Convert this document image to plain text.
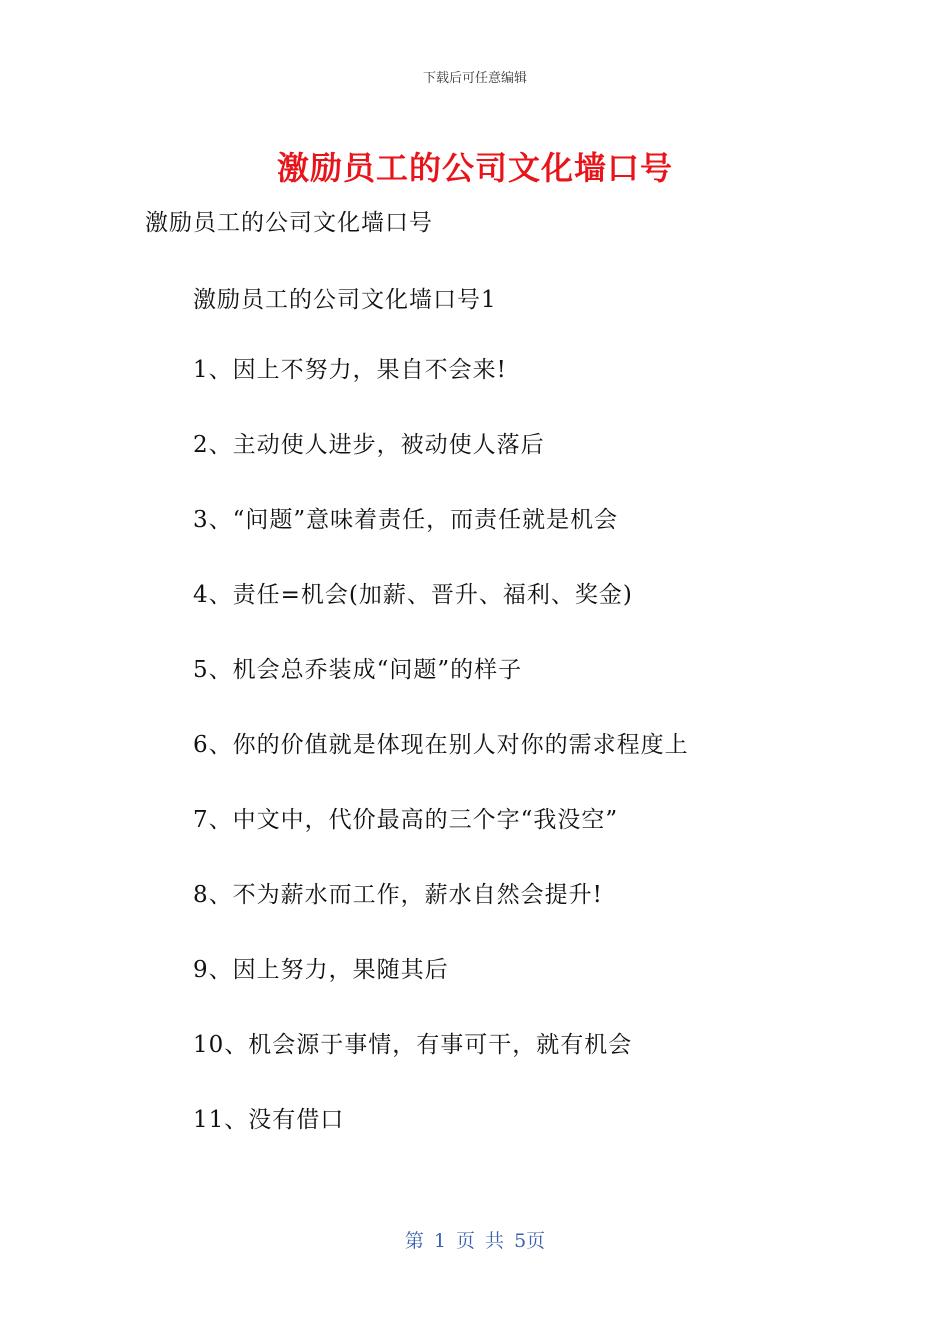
下载后可任意编辑
激励员工的公司文化墙口号
激励员工的公司文化墙口号
激励员工的公司文化墙口号1
1、因上不努力，果自不会来!
2、主动使人进步，被动使人落后
3、“问题”意味着责任，而责任就是机会
4、责任=机会(加薪、晋升、福利、奖金)
5、机会总乔装成“问题”的样子
6、你的价值就是体现在别人对你的需求程度上
7、中文中，代价最高的三个字“我没空”
8、不为薪水而工作，薪水自然会提升!
9、因上努力，果随其后
10、机会源于事情，有事可干，就有机会
11、没有借口
第 1 页 共 5页
